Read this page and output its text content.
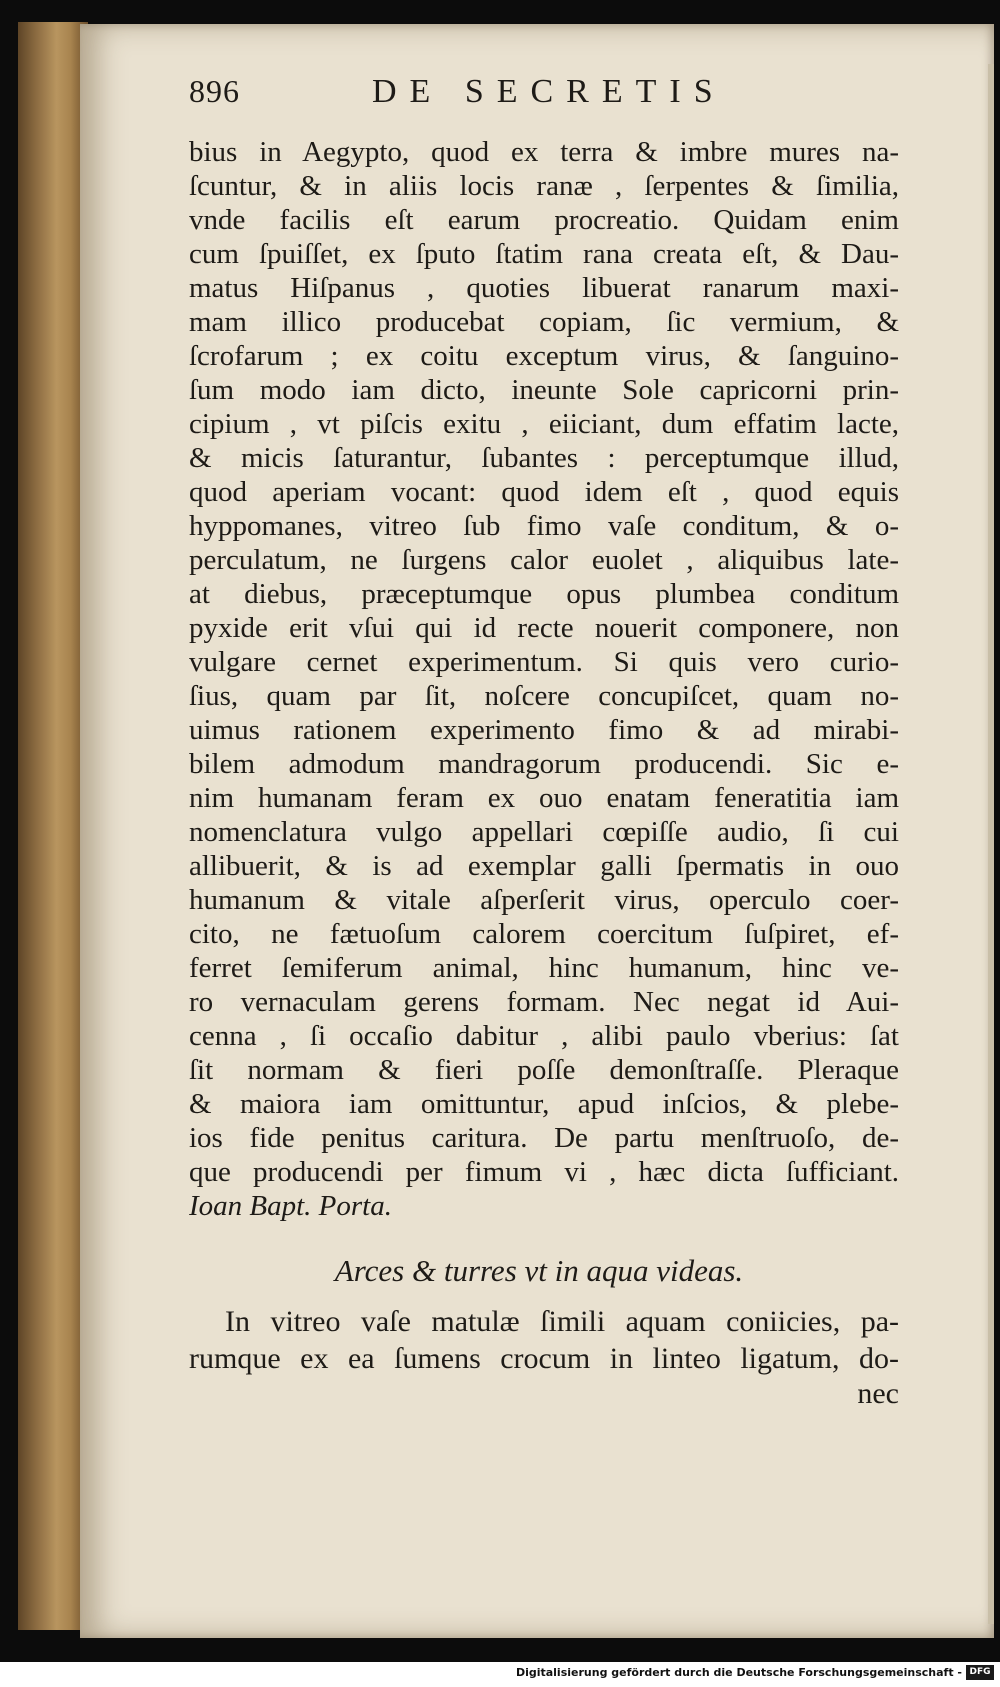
896	DE SECRETIS
bius in Aegypto, quod ex terra & imbre mures na-
ſcuntur, & in aliis locis ranæ , ſerpentes & ſimilia,
vnde facilis eſt earum procreatio. Quidam enim
cum ſpuiſſet, ex ſputo ſtatim rana creata eſt, & Dau-
matus Hiſpanus , quoties libuerat ranarum maxi-
mam illico producebat copiam, ſic vermium, &
ſcrofarum ; ex coitu exceptum virus, & ſanguino-
ſum modo iam dicto, ineunte Sole capricorni prin-
cipium , vt piſcis exitu , eiiciant, dum effatim lacte,
& micis ſaturantur, ſubantes : perceptumque illud,
quod aperiam vocant: quod idem eſt , quod equis
hyppomanes, vitreo ſub fimo vaſe conditum, & o-
perculatum, ne ſurgens calor euolet , aliquibus late-
at diebus, præceptumque opus plumbea conditum
pyxide erit vſui qui id recte nouerit componere, non
vulgare cernet experimentum. Si quis vero curio-
ſius, quam par ſit, noſcere concupiſcet, quam no-
uimus rationem experimento fimo & ad mirabi-
bilem admodum mandragorum producendi. Sic e-
nim humanam feram ex ouo enatam feneratitia iam
nomenclatura vulgo appellari cœpiſſe audio, ſi cui
allibuerit, & is ad exemplar galli ſpermatis in ouo
humanum & vitale aſperſerit virus, operculo coer-
cito, ne fætuoſum calorem coercitum ſuſpiret, ef-
ferret ſemiferum animal, hinc humanum, hinc ve-
ro vernaculam gerens formam. Nec negat id Aui-
cenna , ſi occaſio dabitur , alibi paulo vberius: ſat
ſit normam & fieri poſſe demonſtraſſe. Pleraque
& maiora iam omittuntur, apud inſcios, & plebe-
ios fide penitus caritura. De partu menſtruoſo, de-
que producendi per fimum vi , hæc dicta ſufficiant.
Ioan Bapt. Porta.
Arces & turres vt in aqua videas.
In vitreo vaſe matulæ ſimili aquam coniicies, pa-
rumque ex ea ſumens crocum in linteo ligatum, do-
nec
Digitalisierung gefördert durch die Deutsche Forschungsgemeinschaft - DFG
